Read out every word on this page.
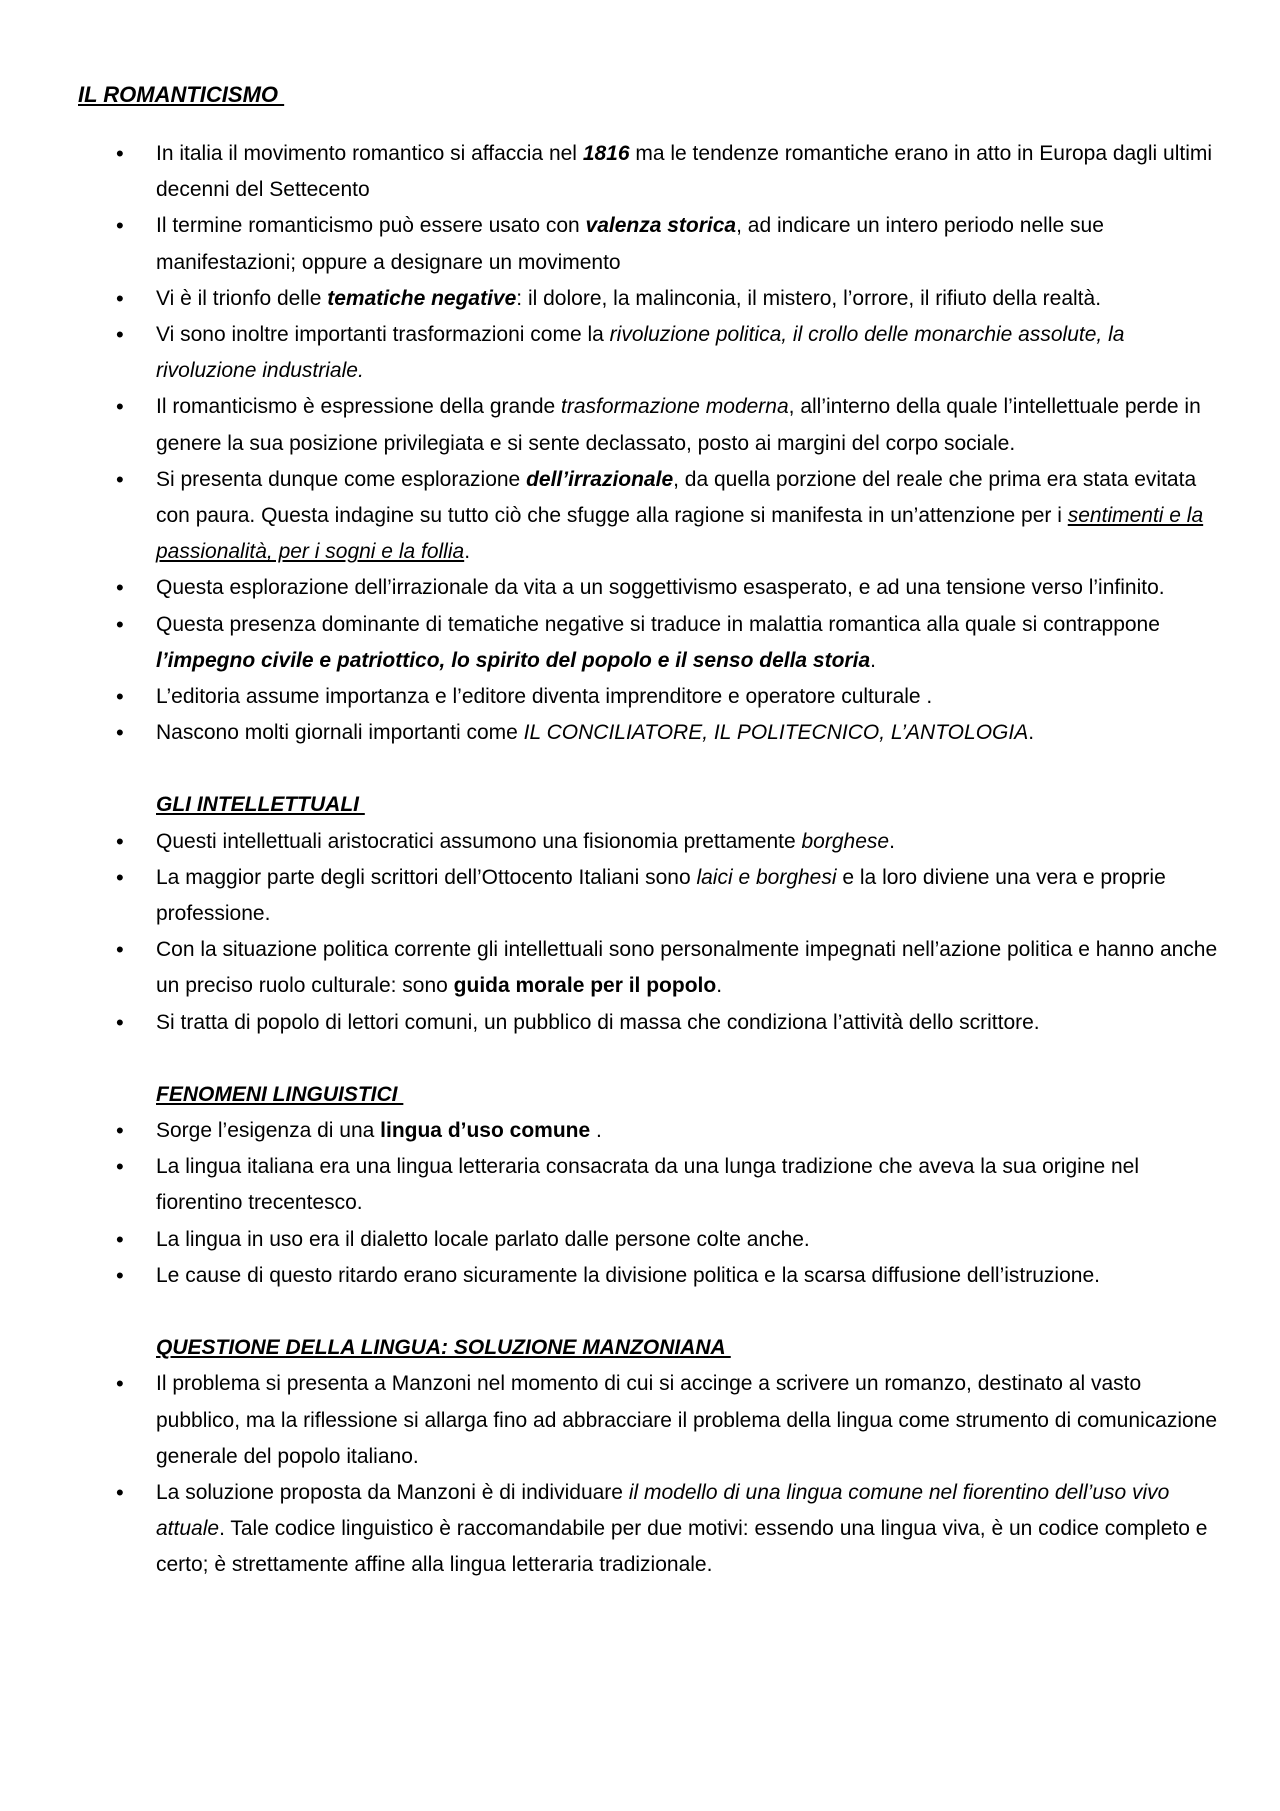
IL ROMANTICISMO
• In italia il movimento romantico si affaccia nel 1816 ma le tendenze romantiche erano in atto in Europa dagli ultimi decenni del Settecento
• Il termine romanticismo può essere usato con valenza storica, ad indicare un intero periodo nelle sue manifestazioni; oppure a designare un movimento
• Vi è il trionfo delle tematiche negative: il dolore, la malinconia, il mistero, l’orrore, il rifiuto della realtà.
• Vi sono inoltre importanti trasformazioni come la rivoluzione politica, il crollo delle monarchie assolute, la rivoluzione industriale.
• Il romanticismo è espressione della grande trasformazione moderna, all’interno della quale l’intellettuale perde in genere la sua posizione privilegiata e si sente declassato, posto ai margini del corpo sociale.
• Si presenta dunque come esplorazione dell’irrazionale, da quella porzione del reale che prima era stata evitata con paura. Questa indagine su tutto ciò che sfugge alla ragione si manifesta in un’attenzione per i sentimenti e la passionalità, per i sogni e la follia.
• Questa esplorazione dell’irrazionale da vita a un soggettivismo esasperato, e ad una tensione verso l’infinito.
• Questa presenza dominante di tematiche negative si traduce in malattia romantica alla quale si contrappone l’impegno civile e patriottico, lo spirito del popolo e il senso della storia.
• L’editoria assume importanza e l’editore diventa imprenditore e operatore culturale .
• Nascono molti giornali importanti come IL CONCILIATORE, IL POLITECNICO, L’ANTOLOGIA.
GLI INTELLETTUALI
• Questi intellettuali aristocratici assumono una fisionomia prettamente borghese.
• La maggior parte degli scrittori dell’Ottocento Italiani sono laici e borghesi e la loro diviene una vera e proprie professione.
• Con la situazione politica corrente gli intellettuali sono personalmente impegnati nell’azione politica e hanno anche un preciso ruolo culturale: sono guida morale per il popolo.
• Si tratta di popolo di lettori comuni, un pubblico di massa che condiziona l’attività dello scrittore.
FENOMENI LINGUISTICI
• Sorge l’esigenza di una lingua d’uso comune .
• La lingua italiana era una lingua letteraria consacrata da una lunga tradizione che aveva la sua origine nel fiorentino trecentesco.
• La lingua in uso era il dialetto locale parlato dalle persone colte anche.
• Le cause di questo ritardo erano sicuramente la divisione politica e la scarsa diffusione dell’istruzione.
QUESTIONE DELLA LINGUA: SOLUZIONE MANZONIANA
• Il problema si presenta a Manzoni nel momento di cui si accinge a scrivere un romanzo, destinato al vasto pubblico, ma la riflessione si allarga fino ad abbracciare il problema della lingua come strumento di comunicazione generale del popolo italiano.
• La soluzione proposta da Manzoni è di individuare il modello di una lingua comune nel fiorentino dell’uso vivo attuale. Tale codice linguistico è raccomandabile per due motivi: essendo una lingua viva, è un codice completo e certo; è strettamente affine alla lingua letteraria tradizionale.
